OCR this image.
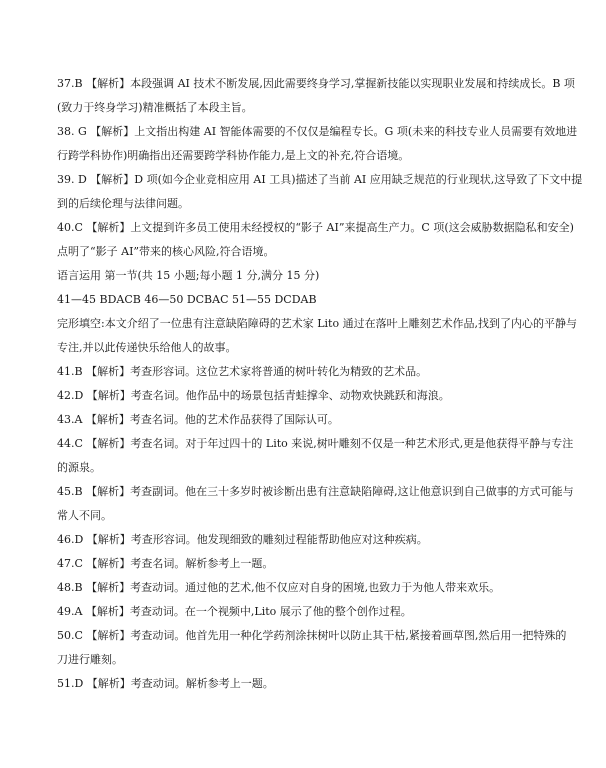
37.B 【解析】本段强调 AI 技术不断发展,因此需要终身学习,掌握新技能以实现职业发展和持续成长。B 项
(致力于终身学习)精准概括了本段主旨。
38. G 【解析】上文指出构建 AI 智能体需要的不仅仅是编程专长。G 项(未来的科技专业人员需要有效地进
行跨学科协作)明确指出还需要跨学科协作能力,是上文的补充,符合语境。
39. D 【解析】D 项(如今企业竞相应用 AI 工具)描述了当前 AI 应用缺乏规范的行业现状,这导致了下文中提
到的后续伦理与法律问题。
40.C 【解析】上文提到许多员工使用未经授权的“影子 AI”来提高生产力。C 项(这会威胁数据隐私和安全)
点明了“影子 AI”带来的核心风险,符合语境。
语言运用 第一节(共 15 小题;每小题 1 分,满分 15 分)
41—45 BDACB 46—50 DCBAC 51—55 DCDAB
完形填空:本文介绍了一位患有注意缺陷障碍的艺术家 Lito 通过在落叶上雕刻艺术作品,找到了内心的平静与
专注,并以此传递快乐给他人的故事。
41.B 【解析】考查形容词。这位艺术家将普通的树叶转化为精致的艺术品。
42.D 【解析】考查名词。他作品中的场景包括青蛙撑伞、动物欢快跳跃和海浪。
43.A 【解析】考查名词。他的艺术作品获得了国际认可。
44.C 【解析】考查名词。对于年过四十的 Lito 来说,树叶雕刻不仅是一种艺术形式,更是他获得平静与专注
的源泉。
45.B 【解析】考查副词。他在三十多岁时被诊断出患有注意缺陷障碍,这让他意识到自己做事的方式可能与
常人不同。
46.D 【解析】考查形容词。他发现细致的雕刻过程能帮助他应对这种疾病。
47.C 【解析】考查名词。解析参考上一题。
48.B 【解析】考查动词。通过他的艺术,他不仅应对自身的困境,也致力于为他人带来欢乐。
49.A 【解析】考查动词。在一个视频中,Lito 展示了他的整个创作过程。
50.C 【解析】考查动词。他首先用一种化学药剂涂抹树叶以防止其干枯,紧接着画草图,然后用一把特殊的
刀进行雕刻。
51.D 【解析】考查动词。解析参考上一题。
